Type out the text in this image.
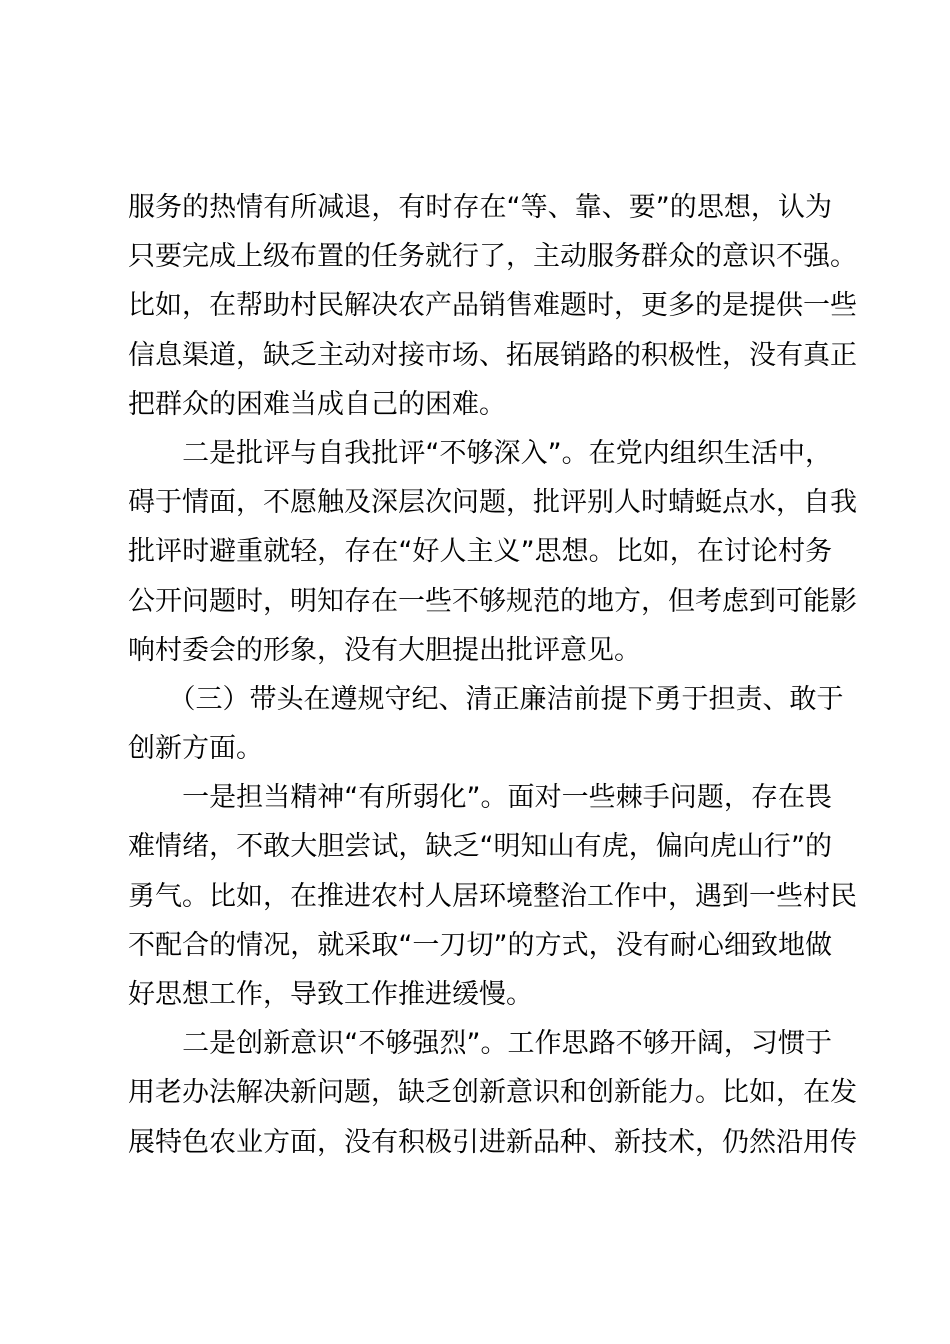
服务的热情有所减退，有时存在“等、靠、要”的思想，认为
只要完成上级布置的任务就行了，主动服务群众的意识不强。
比如，在帮助村民解决农产品销售难题时，更多的是提供一些
信息渠道，缺乏主动对接市场、拓展销路的积极性，没有真正
把群众的困难当成自己的困难。
　　二是批评与自我批评“不够深入”。在党内组织生活中，
碍于情面，不愿触及深层次问题，批评别人时蜻蜓点水，自我
批评时避重就轻，存在“好人主义”思想。比如，在讨论村务
公开问题时，明知存在一些不够规范的地方，但考虑到可能影
响村委会的形象，没有大胆提出批评意见。
　　（三）带头在遵规守纪、清正廉洁前提下勇于担责、敢于
创新方面。
　　一是担当精神“有所弱化”。面对一些棘手问题，存在畏
难情绪，不敢大胆尝试，缺乏“明知山有虎，偏向虎山行”的
勇气。比如，在推进农村人居环境整治工作中，遇到一些村民
不配合的情况，就采取“一刀切”的方式，没有耐心细致地做
好思想工作，导致工作推进缓慢。
　　二是创新意识“不够强烈”。工作思路不够开阔，习惯于
用老办法解决新问题，缺乏创新意识和创新能力。比如，在发
展特色农业方面，没有积极引进新品种、新技术，仍然沿用传
